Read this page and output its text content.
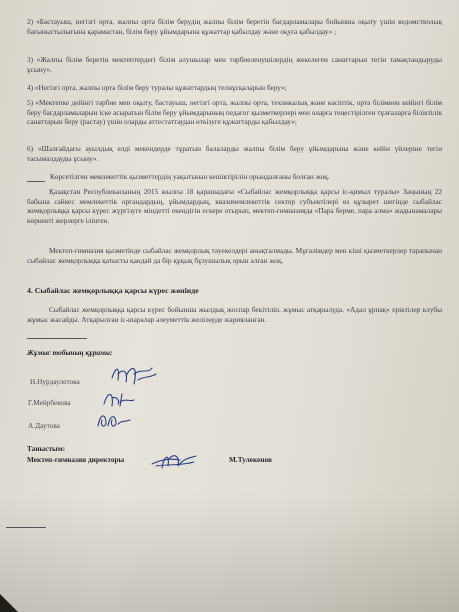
2) «Бастауыш, негізгі орта, жалпы орта білім берудің жалпы білім беретін бағдарламалары бойынша оқыту үшін ведомстволық бағыныстылығына қарамастан, білім беру ұйымдарына құжаттар қабылдау және оқуға қабылдау» ;

3) «Жалпы білім беретін мектептердегі білім алушылар мен тәрбиеленушілердің жекелеген санаттарын тегін тамақтандыруды ұсыну».

4) «Негізгі орта, жалпы орта білім беру туралы құжаттардың телнұсқаларын беру»;

5) «Мектепке дейінгі тәрбие мен оқыту, бастауыш, негізгі орта, жалпы орта, техникалық және кәсіптік, орта білімнен кейінгі білім беру бағдарламаларын іске асыратын білім беру ұйымдарының педагог қызметкерлері мен оларға теңестірілген тұлғаларға біліктілік санаттарын беру (растау) үшін оларды аттестаттаудан өткізуге құжаттарды қабылдау»;

6) «Шалғайдағы ауылдық елді мекендерде тұратын балаларды жалпы білім беру ұйымдарына және кейін үйлеріне тегін тасымалдауды ұсыну».

Көрсетілген мемлекеттік қызметтердің уақытынан кешіктірілін орындалғаны болған жоқ.

Қазақстан Республикасының 2015 жылғы 18 қарашадағы «Сыбайлас жемқорлыққа қарсы іс-қимыл туралы» Заңының 22 бабына сәйкес мемлекеттік органдардың, ұйымдардың, квазимемлекеттік сектор субъектілері өз құзырет шегінде сыбайлас жемқорлыққа қарсы күрес жүргізуге міндетті екендігін ескере отырып, мектеп-гимназияда «Пара берме, пара алма» жадынамалары көрнекті жерлерге ілінген.

Мектеп-гимназия қызметінде сыбайлас жемқорлық тәуекелдері анықталмады. Мұғалімдер мен кіші қызметкерлер тарапынан сыбайлас жемқорлыққа қатысты қандай да бір құқық бұзушылық орын алған жоқ.

4. Сыбайлас жемқорлыққа қарсы күрес жөнінде

Сыбайлас жемқорлыққа қарсы күрес бойынша жылдық жоспар бекітіліп, жұмыс атқарылуда. «Адал ұрпақ» еріктілер клубы жұмыс жасайды. Атқарылған іс-шаралар әлеуметтік желілерде жарияланған.

Жұмыс тобының құрамы:

Н.Нурдаулетова
Г.Мейрбекова
А.Даутова

Таныстым:

Мектеп-гимназия директоры	М.Тулекенов
